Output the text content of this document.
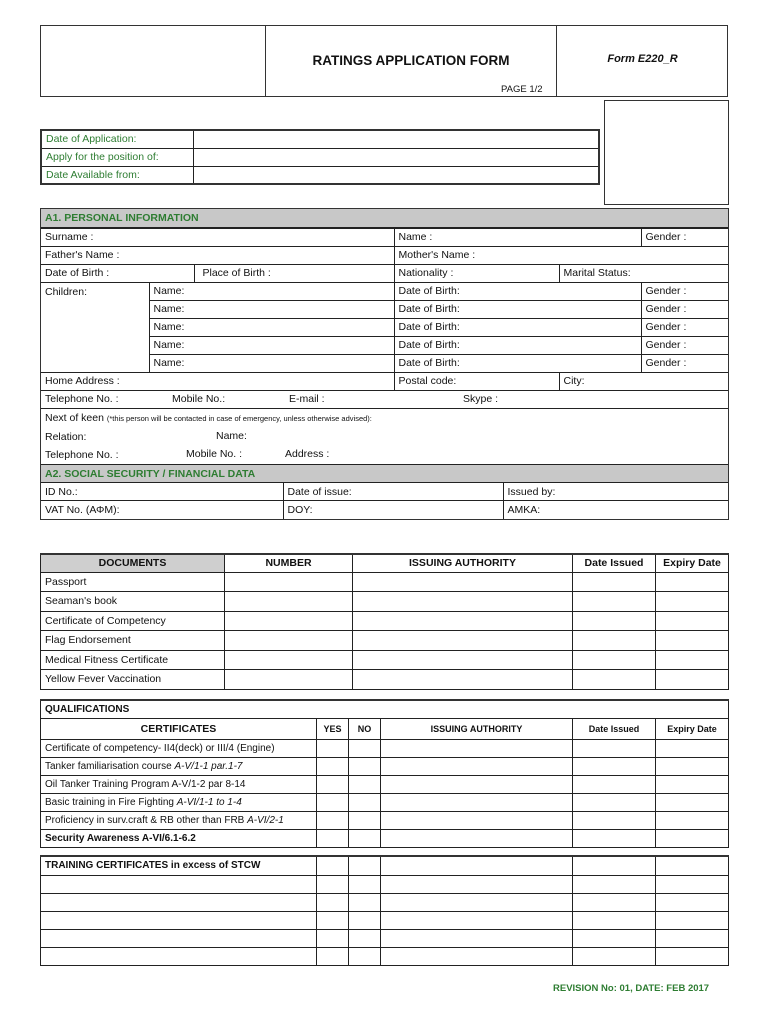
RATINGS APPLICATION FORM
PAGE 1/2
Form E220_R
Date of Application:	
Apply for the position of:	
Date Available from:	
A1. PERSONAL INFORMATION
Surname :			Name :		Gender :
Father's Name :			Mother's Name :		
Date of Birth :		Place of Birth :	Nationality :	Marital Status:	
Children:	Name:		Date of Birth:		Gender :
	Name:		Date of Birth:		Gender :
	Name:		Date of Birth:		Gender :
	Name:		Date of Birth:		Gender :
	Name:		Date of Birth:		Gender :
Home Address :			Postal code:	City:	
Telephone No. : Mobile No.: E-mail : Skype :					

Next of keen (*this person will be contacted in case of emergency, unless otherwise advised):					
Relation: Name:					

Telephone No. : Mobile No. : Address :					
A2. SOCIAL SECURITY / FINANCIAL DATA		
ID No.:	Date of issue:	Issued by:
VAT No. (ΑΦΜ):	DOY:	AMKA:
DOCUMENTS	NUMBER	ISSUING AUTHORITY	Date Issued	Expiry Date
Passport				
Seaman's book				
Certificate of Competency				
Flag Endorsement				
Medical Fitness Certificate				
Yellow Fever Vaccination				
QUALIFICATIONS					
CERTIFICATES	YES	NO	ISSUING AUTHORITY	Date Issued	Expiry Date
Certificate of competency- II4(deck) or III/4 (Engine)					
Tanker familiarisation course A-V/1-1 par.1-7					
Oil Tanker Training Program A-V/1-2 par 8-14					
Basic training in Fire Fighting A-VI/1-1 to 1-4					
Proficiency in surv.craft & RB other than FRB A-VI/2-1					
Security Awareness A-VI/6.1-6.2					
TRAINING CERTIFICATES in excess of STCW					

REVISION No: 01, DATE: FEB 2017
